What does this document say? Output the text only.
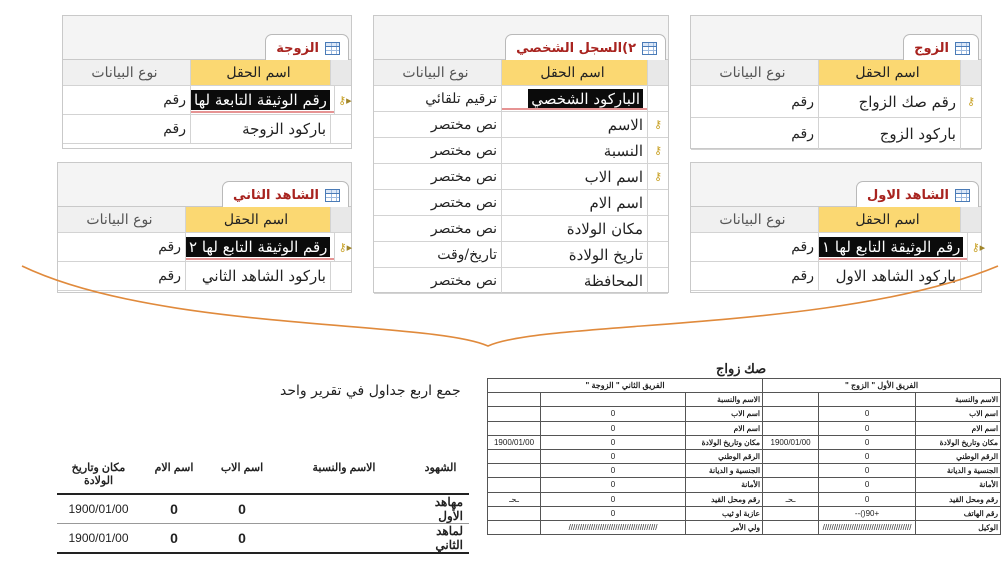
الزوجة
نوع البيانات	اسم الحقل
رقم رقم الوثيقة التابعة لها ⚷ ▸
رقم	باركود الزوجة
٢)السجل الشخصي
نوع البيانات	اسم الحقل
ترقيم تلقائي	الباركود الشخصي
نص مختصر	الاسم ⚷
نص مختصر	النسبة ⚷
نص مختصر	اسم الاب ⚷
نص مختصر	اسم الام
نص مختصر	مكان الولادة
تاريخ/وقت	تاريخ الولادة
نص مختصر	المحافظة
الزوج
نوع البيانات	اسم الحقل
رقم	رقم صك الزواج ⚷
رقم	باركود الزوج
الشاهد الثاني
نوع البيانات	اسم الحقل
رقم رقم الوثيقة التابع لها ٢ ⚷ ▸
رقم	باركود الشاهد الثاني
الشاهد الاول
نوع البيانات	اسم الحقل
رقم رقم الوثيقة التابع لها ١ ⚷ ▸
رقم	باركود الشاهد الاول
جمع اربع جداول في تقرير واحد
الشهود	الاسم والنسبة	اسم الاب	اسم الام	مكان وتاريخ الولادة
مهاهد الأول		0	0	1900/01/00
لماهد الثاني		0	0	1900/01/00
صك زواج
الفريق الأول " الزوج "			الفريق الثاني " الزوجة "		
الاسم والنسبة			الاسم والنسبة		
اسم الاب	0		اسم الاب	0	
اسم الام	0		اسم الام	0	
مكان وتاريخ الولادة	0	1900/01/00	مكان وتاريخ الولادة	0	1900/01/00
الرقم الوطني	0		الرقم الوطني	0	
الجنسية و الديانة	0		الجنسية و الديانة	0	
الأمانة	0		الأمانة	0	
رقم ومحل القيد	0	ـحـ	رقم ومحل القيد	0	ـحـ
رقم الهاتف	+90()--		عازبة او ثيب	0	
الوكيل	////////////////////////////////////////		ولي الأمر	////////////////////////////////////////	
